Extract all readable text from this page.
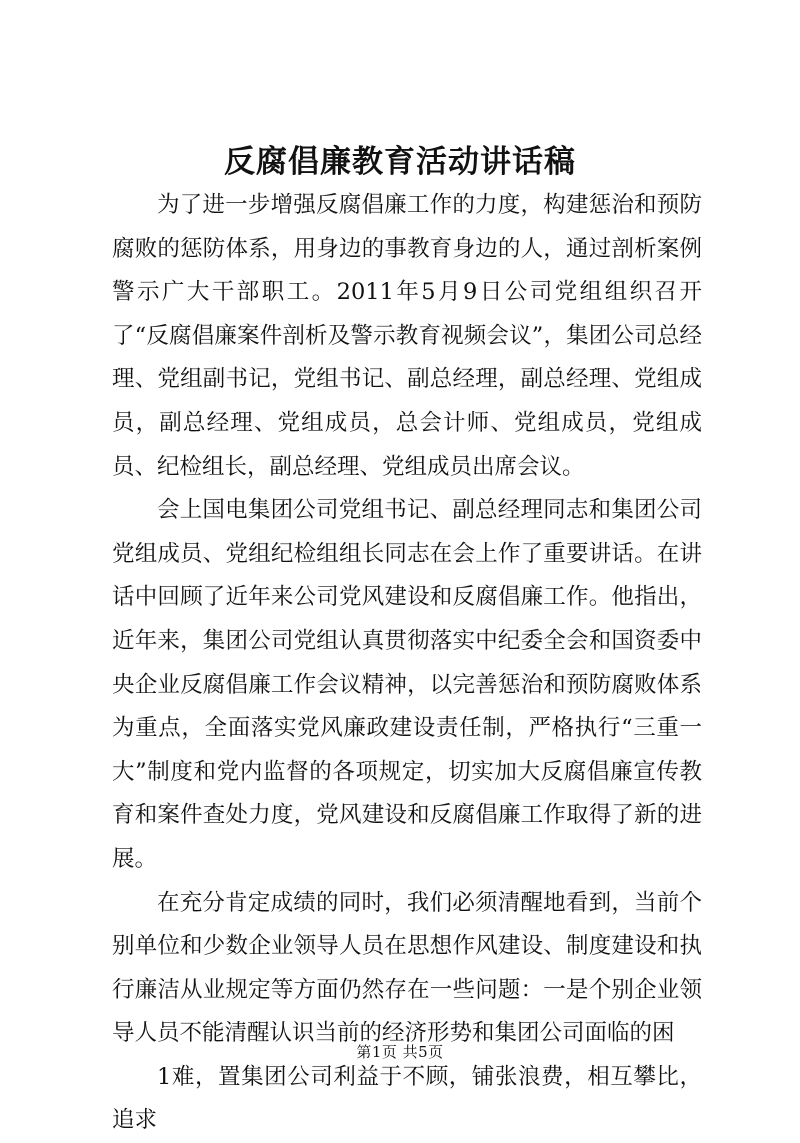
反腐倡廉教育活动讲话稿

为了进一步增强反腐倡廉工作的力度，构建惩治和预防腐败的惩防体系，用身边的事教育身边的人，通过剖析案例警示广大干部职工。2011年5月9日公司党组组织召开了“反腐倡廉案件剖析及警示教育视频会议”，集团公司总经理、党组副书记，党组书记、副总经理，副总经理、党组成员，副总经理、党组成员，总会计师、党组成员，党组成员、纪检组长，副总经理、党组成员出席会议。

会上国电集团公司党组书记、副总经理同志和集团公司党组成员、党组纪检组组长同志在会上作了重要讲话。在讲话中回顾了近年来公司党风建设和反腐倡廉工作。他指出，近年来，集团公司党组认真贯彻落实中纪委全会和国资委中央企业反腐倡廉工作会议精神，以完善惩治和预防腐败体系为重点，全面落实党风廉政建设责任制，严格执行“三重一大”制度和党内监督的各项规定，切实加大反腐倡廉宣传教育和案件查处力度，党风建设和反腐倡廉工作取得了新的进展。

在充分肯定成绩的同时，我们必须清醒地看到，当前个别单位和少数企业领导人员在思想作风建设、制度建设和执行廉洁从业规定等方面仍然存在一些问题：一是个别企业领导人员不能清醒认识当前的经济形势和集团公司面临的困

1难，置集团公司利益于不顾，铺张浪费，相互攀比，追求

第1页 共5页
